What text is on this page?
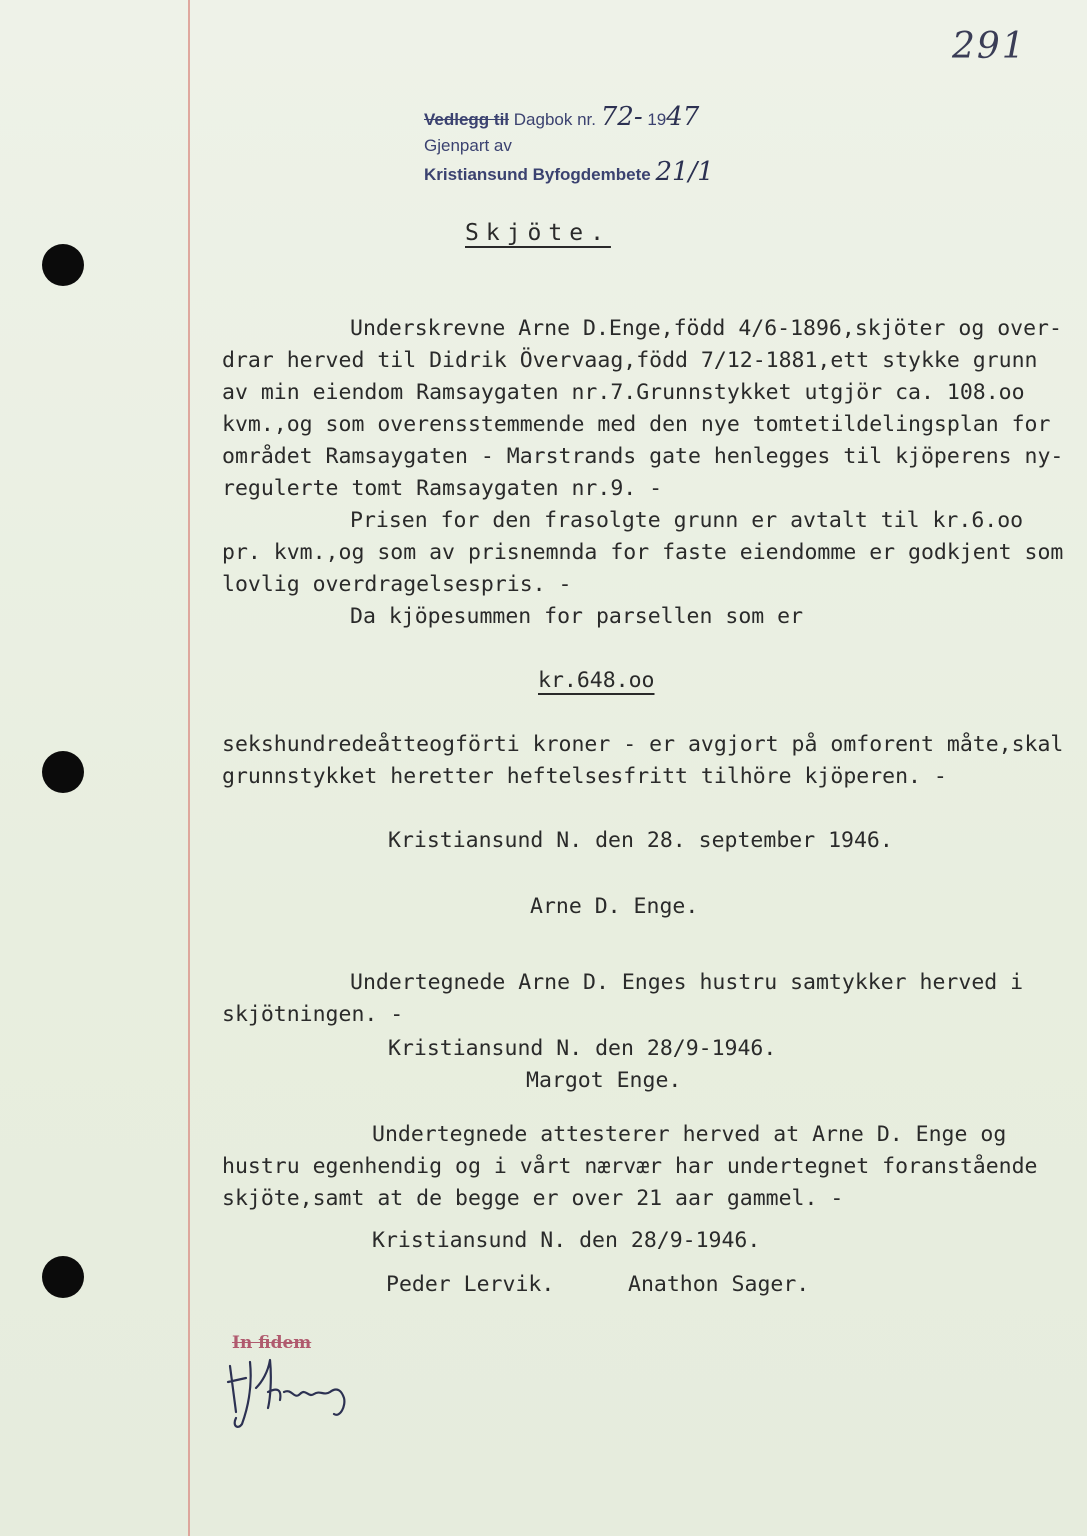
291
Vedlegg til Dagbok nr. 72- 1947
Gjenpart av
Kristiansund Byfogdembete 21/1
Skjöte.
Underskrevne Arne D.Enge,född 4/6-1896,skjöter og over-
drar herved til Didrik Övervaag,född 7/12-1881,ett stykke grunn
av min eiendom Ramsaygaten nr.7.Grunnstykket utgjör ca. 108.oo
kvm.,og som overensstemmende med den nye tomtetildelingsplan for
området Ramsaygaten - Marstrands gate henlegges til kjöperens ny-
regulerte tomt Ramsaygaten nr.9. -
Prisen for den frasolgte grunn er avtalt til kr.6.oo
pr. kvm.,og som av prisnemnda for faste eiendomme er godkjent som
lovlig overdragelsespris. -
Da kjöpesummen for parsellen som er
kr.648.oo
sekshundredeåtteogförti kroner - er avgjort på omforent måte,skal
grunnstykket heretter heftelsesfritt tilhöre kjöperen. -
Kristiansund N. den 28. september 1946.
Arne D. Enge.
Undertegnede Arne D. Enges hustru samtykker herved i
skjötningen. -
Kristiansund N. den 28/9-1946.
Margot Enge.
Undertegnede attesterer herved at Arne D. Enge og
hustru egenhendig og i vårt nærvær har undertegnet foranstående
skjöte,samt at de begge er over 21 aar gammel. -
Kristiansund N. den 28/9-1946.
Peder Lervik.	Anathon Sager.
In fidem
